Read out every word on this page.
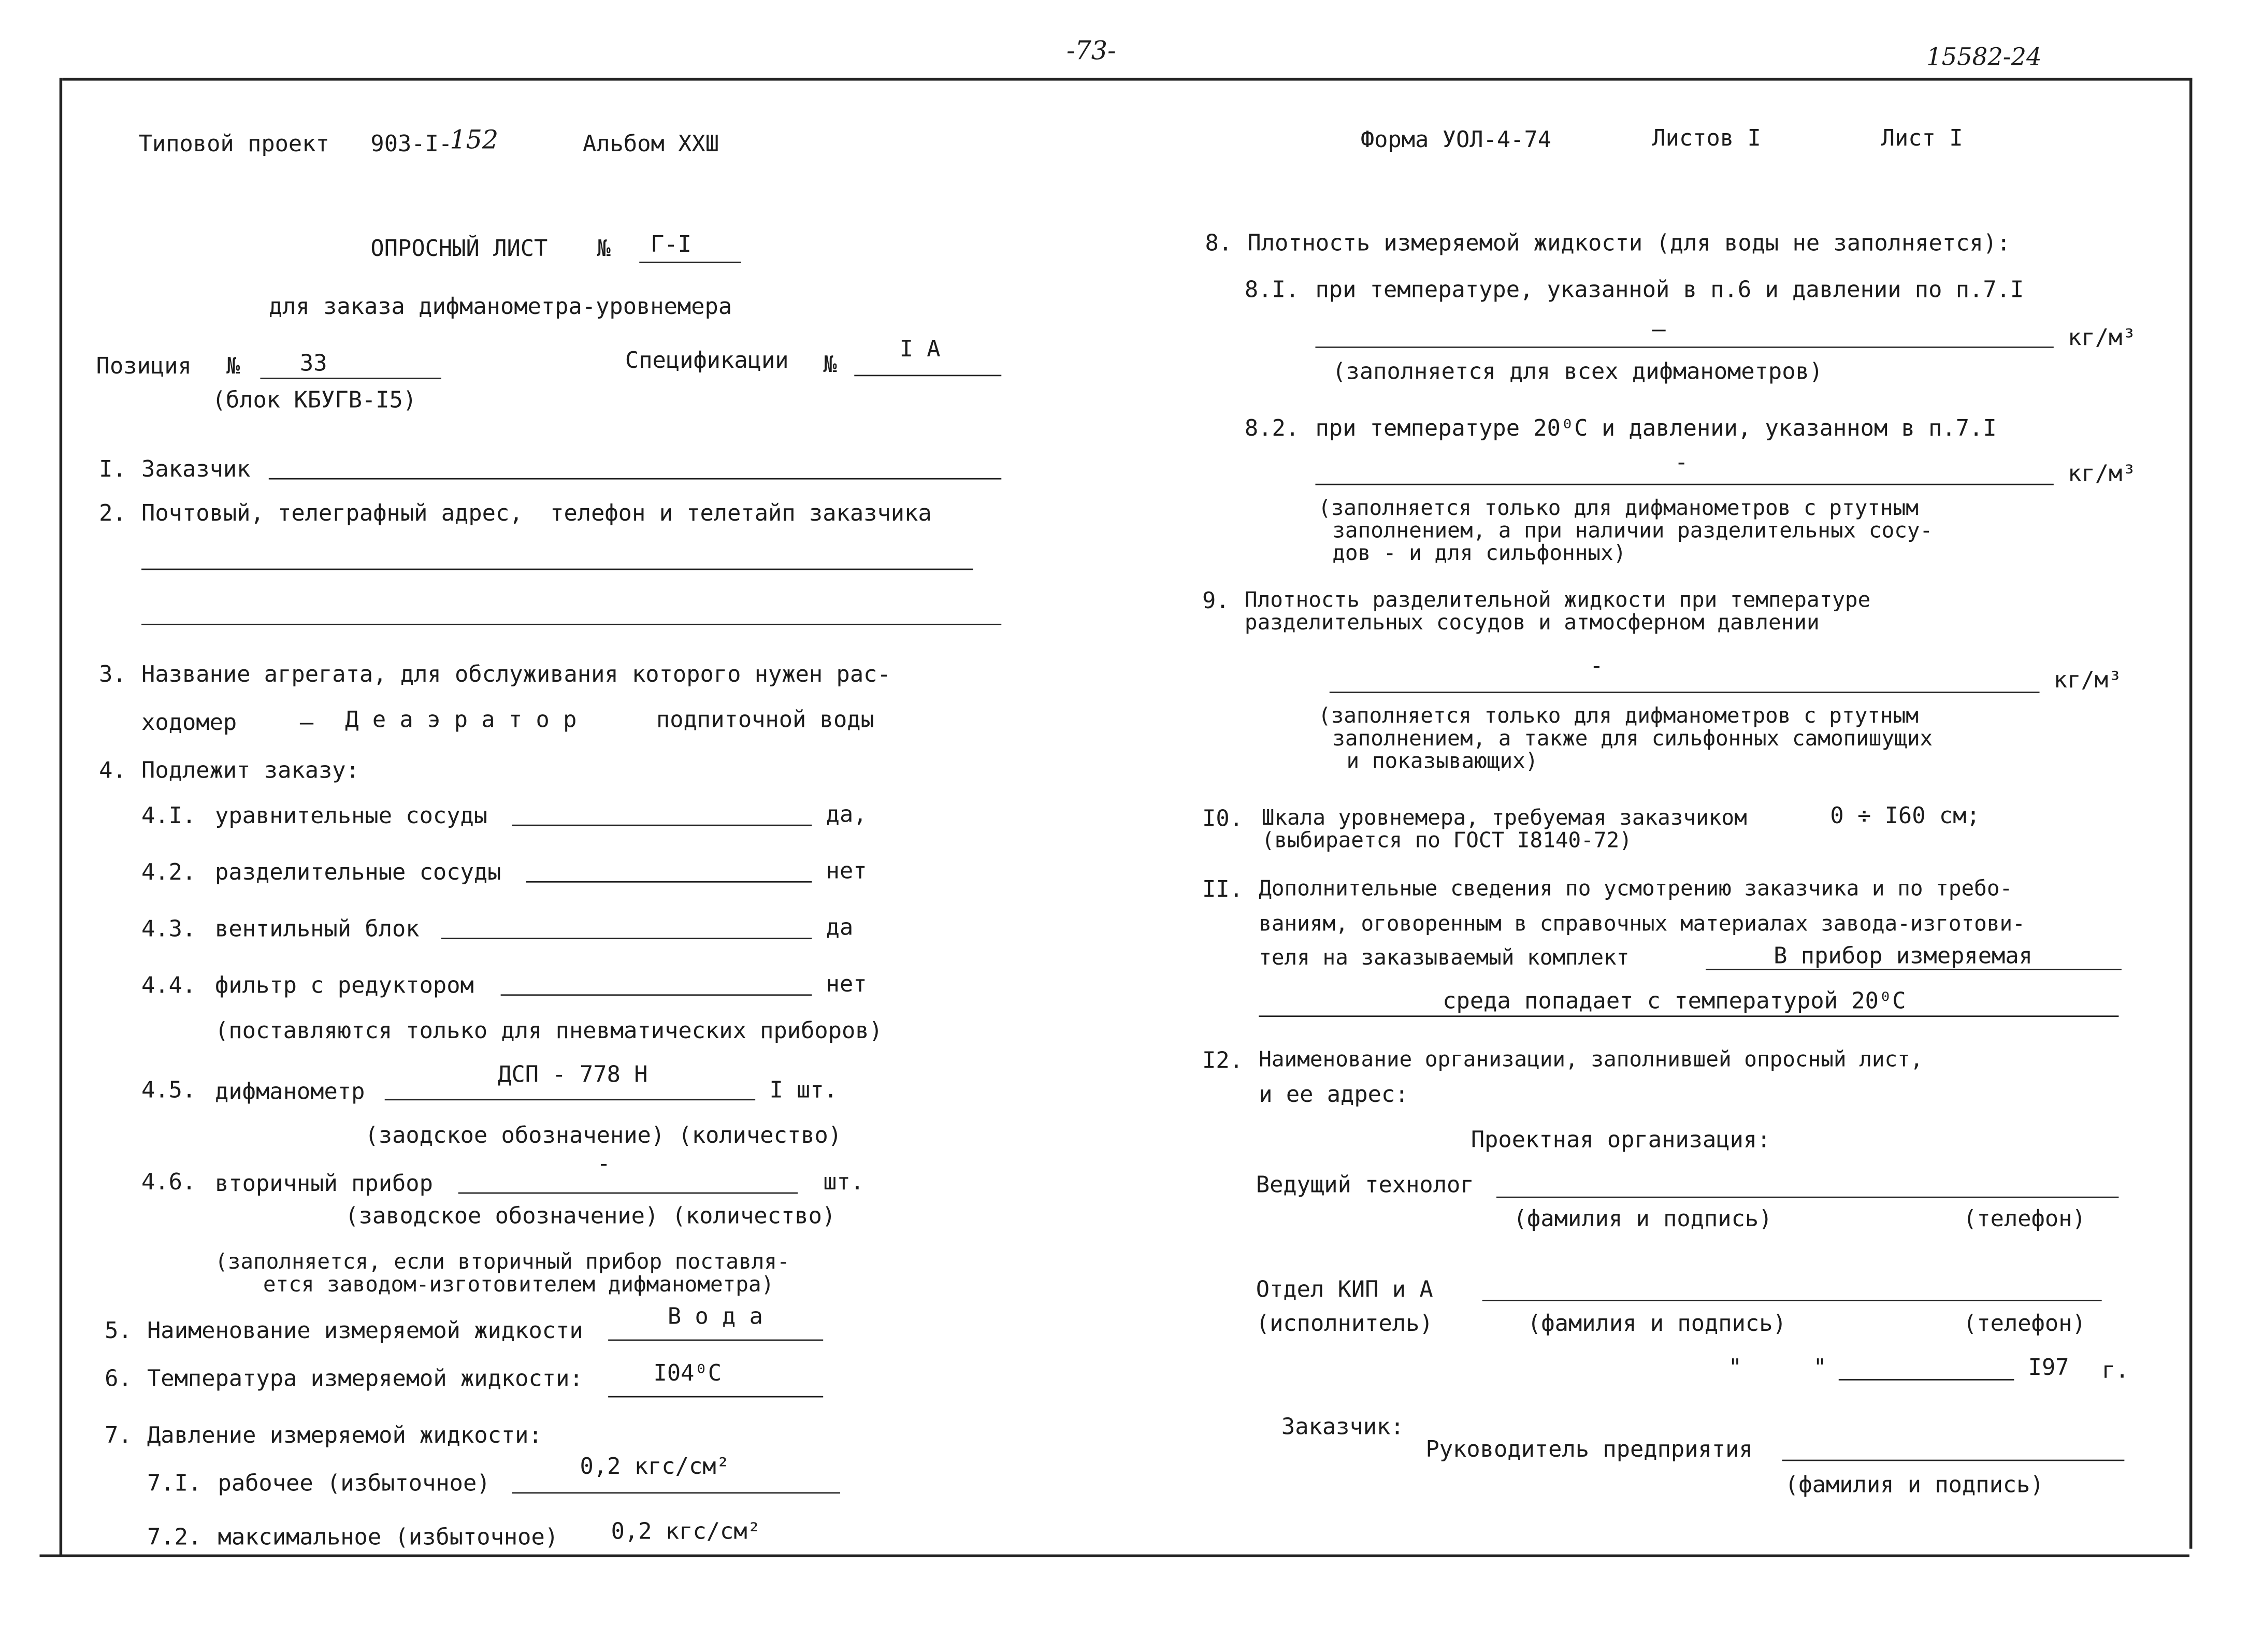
-73-	15582-24
Типовой проект	903-I-
152	Альбом ХХШ	Форма УОЛ-4-74	Листов I	Лист I
ОПРОСНЫЙ ЛИСТ	№	Г-I
для заказа дифманометра-уровнемера
Позиция	№	33
(блок КБУГВ-I5)
Спецификации	№
I А
I. Заказчик
2. Почтовый, телеграфный адрес,  телефон и телетайп заказчика
3. Название агрегата, для обслуживания которого нужен рас-
ходомер	–	Д е а э р а т о р	подпиточной воды
4. Подлежит заказу:
4.I. уравнительные сосуды	да,
4.2. разделительные сосуды	нет
4.3. вентильный блок	да
4.4. фильтр с редуктором	нет
(поставляются только для пневматических приборов)
4.5. дифманометр
ДСП - 778 Н
I шт.
(заодское обозначение) (количество)
4.6. вторичный прибор
-
шт.
(заводское обозначение) (количество)
(заполняется, если вторичный прибор поставля-
ется заводом-изготовителем дифманометра)
5. Наименование измеряемой жидкости
В о д а
6. Температура измеряемой жидкости:	I04⁰С
7. Давление измеряемой жидкости:
7.I. рабочее (избыточное)
0,2 кгс/см²
7.2. максимальное (избыточное)	0,2 кгс/см²
8. Плотность измеряемой жидкости (для воды не заполняется):
8.I. при температуре, указанной в п.6 и давлении по п.7.I
–	кг/м³
(заполняется для всех дифманометров)
8.2. при температуре 20⁰С и давлении, указанном в п.7.I
-	кг/м³
(заполняется только для дифманометров с ртутным
заполнением, а при наличии разделительных сосу-
дов - и для сильфонных)
9. Плотность разделительной жидкости при температуре
разделительных сосудов и атмосферном давлении
-
кг/м³
(заполняется только для дифманометров с ртутным
заполнением, а также для сильфонных самопишущих
и показывающих)
I0. Шкала уровнемера, требуемая заказчиком	0 ÷ I60 см;
(выбирается по ГОСТ I8140-72)
II. Дополнительные сведения по усмотрению заказчика и по требо-
ваниям, оговоренным в справочных материалах завода-изготови-
теля на заказываемый комплект	В прибор измеряемая
среда попадает с температурой 20⁰С
I2. Наименование организации, заполнившей опросный лист,
и ее адрес:
Проектная организация:
Ведущий технолог
(фамилия и подпись)	(телефон)
Отдел КИП и А
(исполнитель)	(фамилия и подпись)	(телефон)
"	"	I97	г.
Заказчик:
Руководитель предприятия
(фамилия и подпись)
